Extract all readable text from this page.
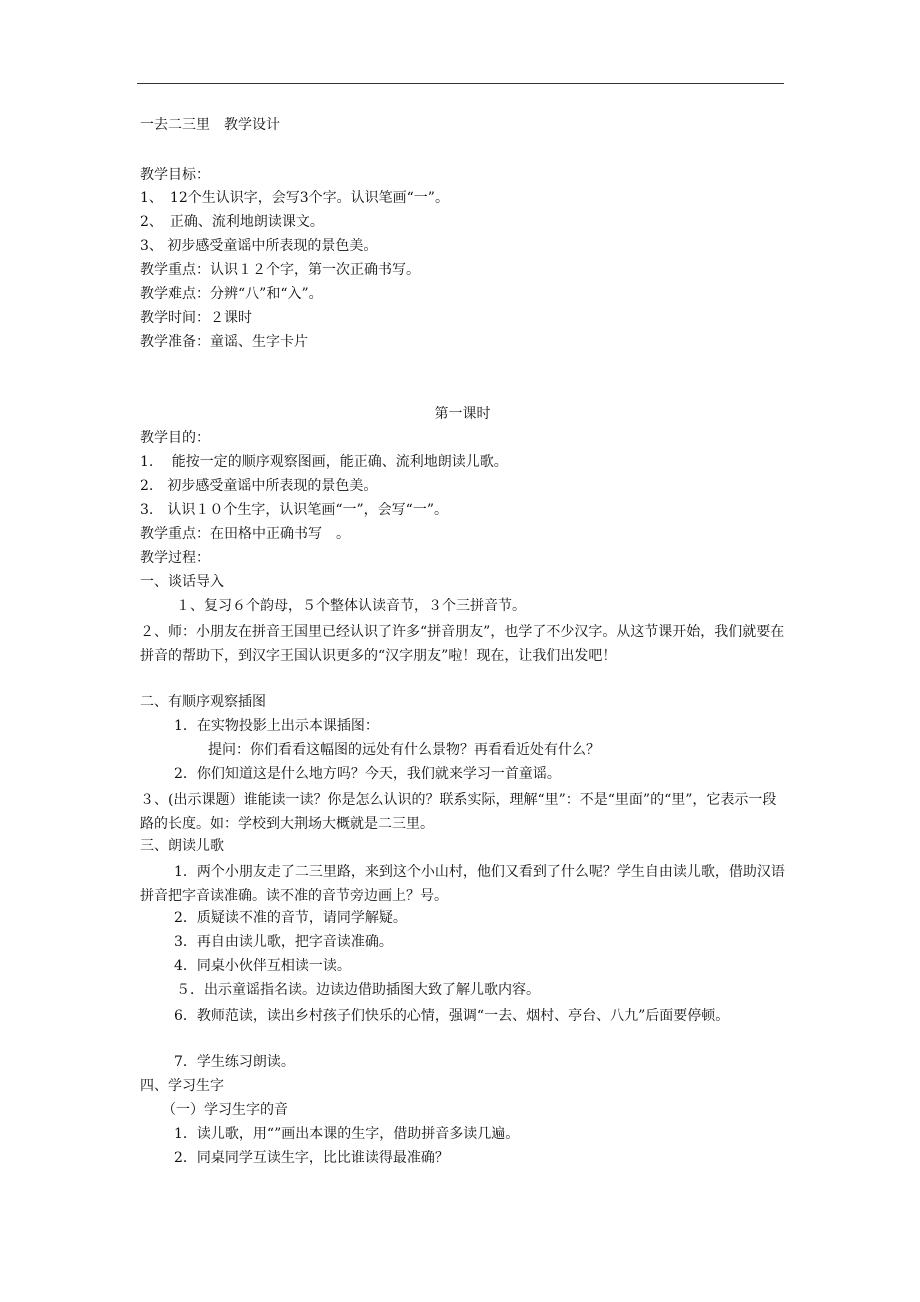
一去二三里　教学设计
教学目标：
1、　12个生认识字，会写3个字。认识笔画“一”。
2、　正确、流利地朗读课文。
3、 初步感受童谣中所表现的景色美。
教学重点：认识１２个字，第一次正确书写。
教学难点：分辨“八”和“入”。
教学时间：２课时
教学准备：童谣、生字卡片
第一课时
教学目的：
1.　 能按一定的顺序观察图画，能正确、流利地朗读儿歌。
2.　初步感受童谣中所表现的景色美。
3.　认识１０个生字，认识笔画“一”，会写“一”。
教学重点：在田格中正确书写　。
教学过程：
一、谈话导入
１、复习６个韵母，５个整体认读音节，３个三拼音节。
２、师：小朋友在拼音王国里已经认识了许多“拼音朋友”，也学了不少汉字。从这节课开始，我们就要在拼音的帮助下，到汉字王国认识更多的“汉字朋友”啦！现在，让我们出发吧！
二、有顺序观察插图
1．在实物投影上出示本课插图：
提问：你们看看这幅图的远处有什么景物？再看看近处有什么？
2．你们知道这是什么地方吗？今天，我们就来学习一首童谣。
３、(出示课题）谁能读一读？你是怎么认识的？联系实际，理解“里”：不是“里面”的“里”，它表示一段路的长度。如：学校到大荆场大概就是二三里。
三、朗读儿歌
1．两个小朋友走了二三里路，来到这个小山村，他们又看到了什么呢？学生自由读儿歌，借助汉语拼音把字音读准确。读不准的音节旁边画上？号。
2．质疑读不准的音节，请同学解疑。
3．再自由读儿歌，把字音读准确。
4．同桌小伙伴互相读一读。
５．出示童谣指名读。边读边借助插图大致了解儿歌内容。
6．教师范读，读出乡村孩子们快乐的心情，强调“一去、烟村、亭台、八九”后面要停顿。
7．学生练习朗读。
四、学习生字
（一）学习生字的音
1．读儿歌，用“”画出本课的生字，借助拼音多读几遍。
2．同桌同学互读生字，比比谁读得最准确？
